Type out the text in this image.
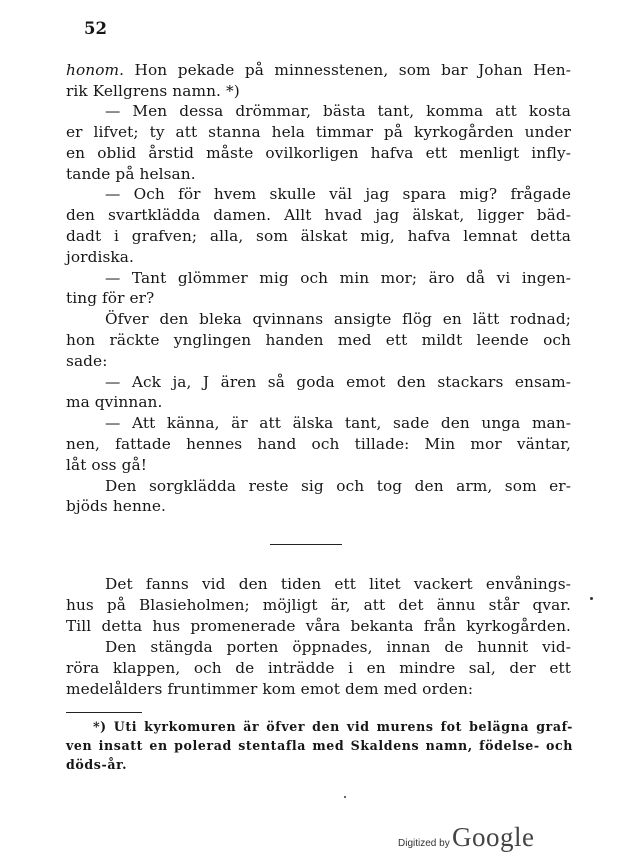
52
honom. Hon pekade på minnesstenen, som bar Johan Hen-
rik Kellgrens namn. *)
— Men dessa drömmar, bästa tant, komma att kosta
er lifvet; ty att stanna hela timmar på kyrkogården under
en oblid årstid måste ovilkorligen hafva ett menligt infly-
tande på helsan.
— Och för hvem skulle väl jag spara mig? frågade
den svartklädda damen. Allt hvad jag älskat, ligger bäd-
dadt i grafven; alla, som älskat mig, hafva lemnat detta
jordiska.
— Tant glömmer mig och min mor; äro då vi ingen-
ting för er?
Öfver den bleka qvinnans ansigte flög en lätt rodnad;
hon räckte ynglingen handen med ett mildt leende och
sade:
— Ack ja, J ären så goda emot den stackars ensam-
ma qvinnan.
— Att känna, är att älska tant, sade den unga man-
nen, fattade hennes hand och tillade: Min mor väntar,
låt oss gå!
Den sorgklädda reste sig och tog den arm, som er-
bjöds henne.
Det fanns vid den tiden ett litet vackert envånings-
hus på Blasieholmen; möjligt är, att det ännu står qvar.
Till detta hus promenerade våra bekanta från kyrkogården.
Den stängda porten öppnades, innan de hunnit vid-
röra klappen, och de inträdde i en mindre sal, der ett
medelålders fruntimmer kom emot dem med orden:
*) Uti kyrkomuren är öfver den vid murens fot belägna graf-
ven insatt en polerad stentafla med Skaldens namn, födelse- och
döds-år.
Digitized by Google
